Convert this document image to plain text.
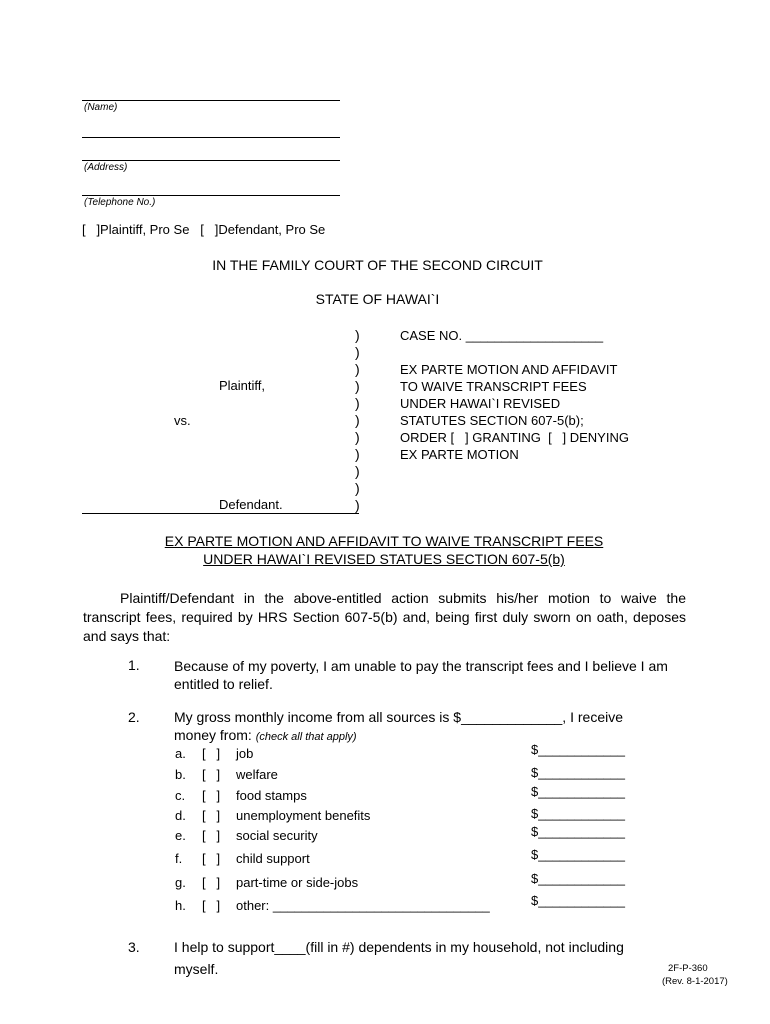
(Name)
(Address)
(Telephone No.)
[   ]Plaintiff, Pro Se   [   ]Defendant, Pro Se
IN THE FAMILY COURT OF THE SECOND CIRCUIT
STATE OF HAWAI`I
Plaintiff,
vs.
Defendant.
)
)
)
)
)
)
)
)
)
)
)
CASE NO. ___________________
EX PARTE MOTION AND AFFIDAVIT
TO WAIVE TRANSCRIPT FEES
UNDER HAWAI`I REVISED
STATUTES SECTION 607-5(b);
ORDER [   ] GRANTING  [   ] DENYING
EX PARTE MOTION
EX PARTE MOTION AND AFFIDAVIT TO WAIVE TRANSCRIPT FEES
UNDER HAWAI`I REVISED STATUES SECTION 607-5(b)
Plaintiff/Defendant in the above-entitled action submits his/her motion to waive the transcript fees, required by HRS Section 607-5(b) and, being first duly sworn on oath, deposes and says that:
1. Because of my poverty, I am unable to pay the transcript fees and I believe I am entitled to relief.
2. My gross monthly income from all sources is $_____________, I receive
money from: (check all that apply)
a. [   ] job	$____________
b. [   ] welfare	$____________
c. [   ] food stamps	$____________
d. [   ] unemployment benefits	$____________
e. [   ] social security	$____________
f. [   ] child support	$____________
g. [   ] part-time or side-jobs	$____________
h. [   ] other: ______________________________	$____________
3. I help to support____(fill in #) dependents in my household, not including
myself.	2F-P-360
(Rev. 8-1-2017)
